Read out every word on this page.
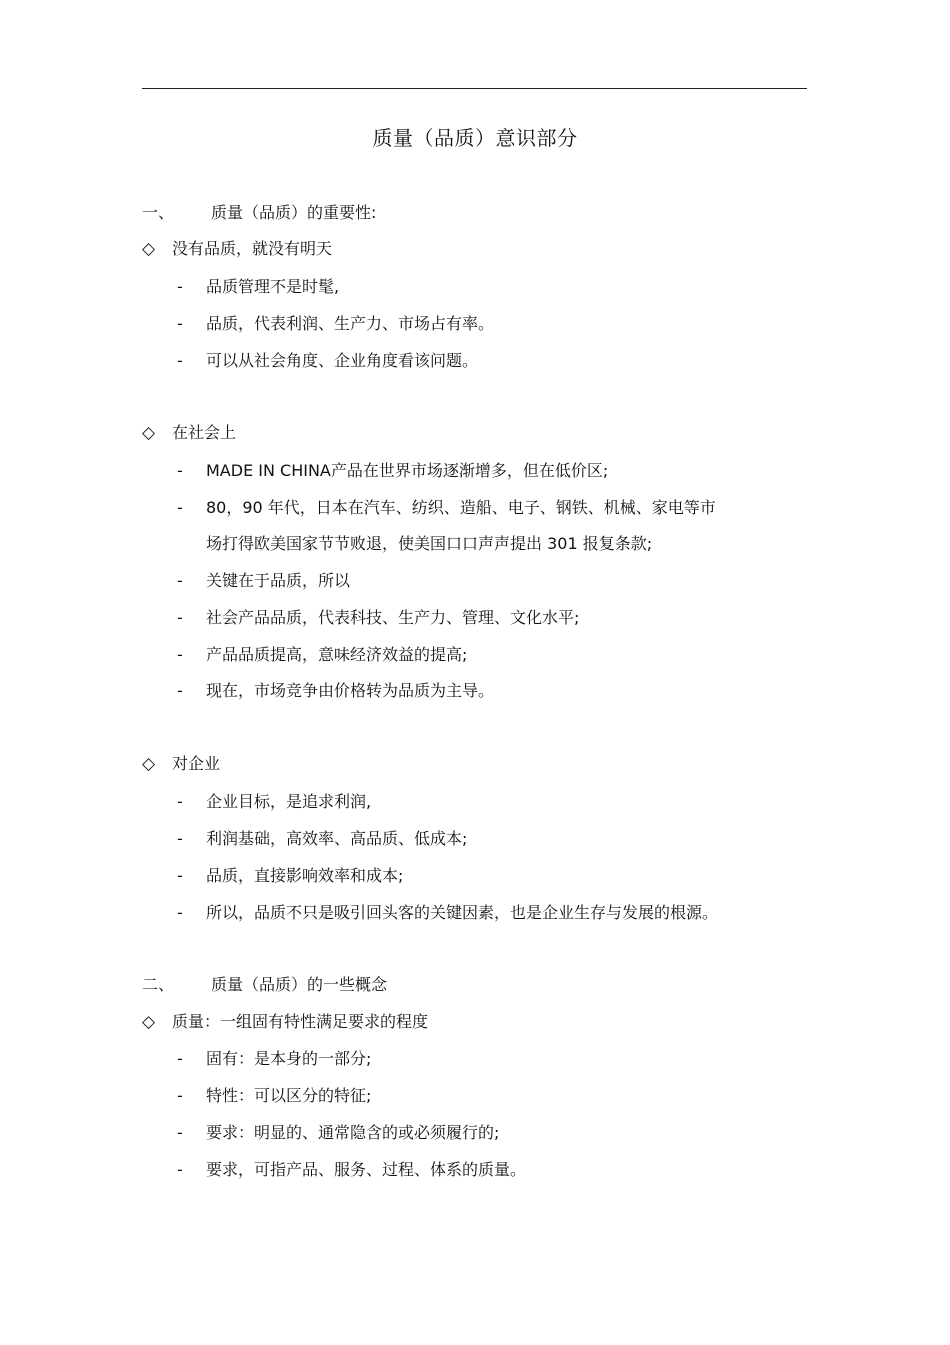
质量（品质）意识部分
一、 质量（品质）的重要性:
◇ 没有品质，就没有明天
- 品质管理不是时髦,
- 品质，代表利润、生产力、市场占有率。
- 可以从社会角度、企业角度看该问题。
◇ 在社会上
- MADE IN CHINA产品在世界市场逐渐增多，但在低价区;
- 80，90 年代，日本在汽车、纺织、造船、电子、钢铁、机械、家电等市
场打得欧美国家节节败退，使美国口口声声提出 301 报复条款;
- 关键在于品质，所以
- 社会产品品质，代表科技、生产力、管理、文化水平;
- 产品品质提高，意味经济效益的提高;
- 现在，市场竞争由价格转为品质为主导。
◇ 对企业
- 企业目标，是追求利润,
- 利润基础，高效率、高品质、低成本;
- 品质，直接影响效率和成本;
- 所以，品质不只是吸引回头客的关键因素，也是企业生存与发展的根源。
二、 质量（品质）的一些概念
◇ 质量：一组固有特性满足要求的程度
- 固有：是本身的一部分;
- 特性：可以区分的特征;
- 要求：明显的、通常隐含的或必须履行的;
- 要求，可指产品、服务、过程、体系的质量。
